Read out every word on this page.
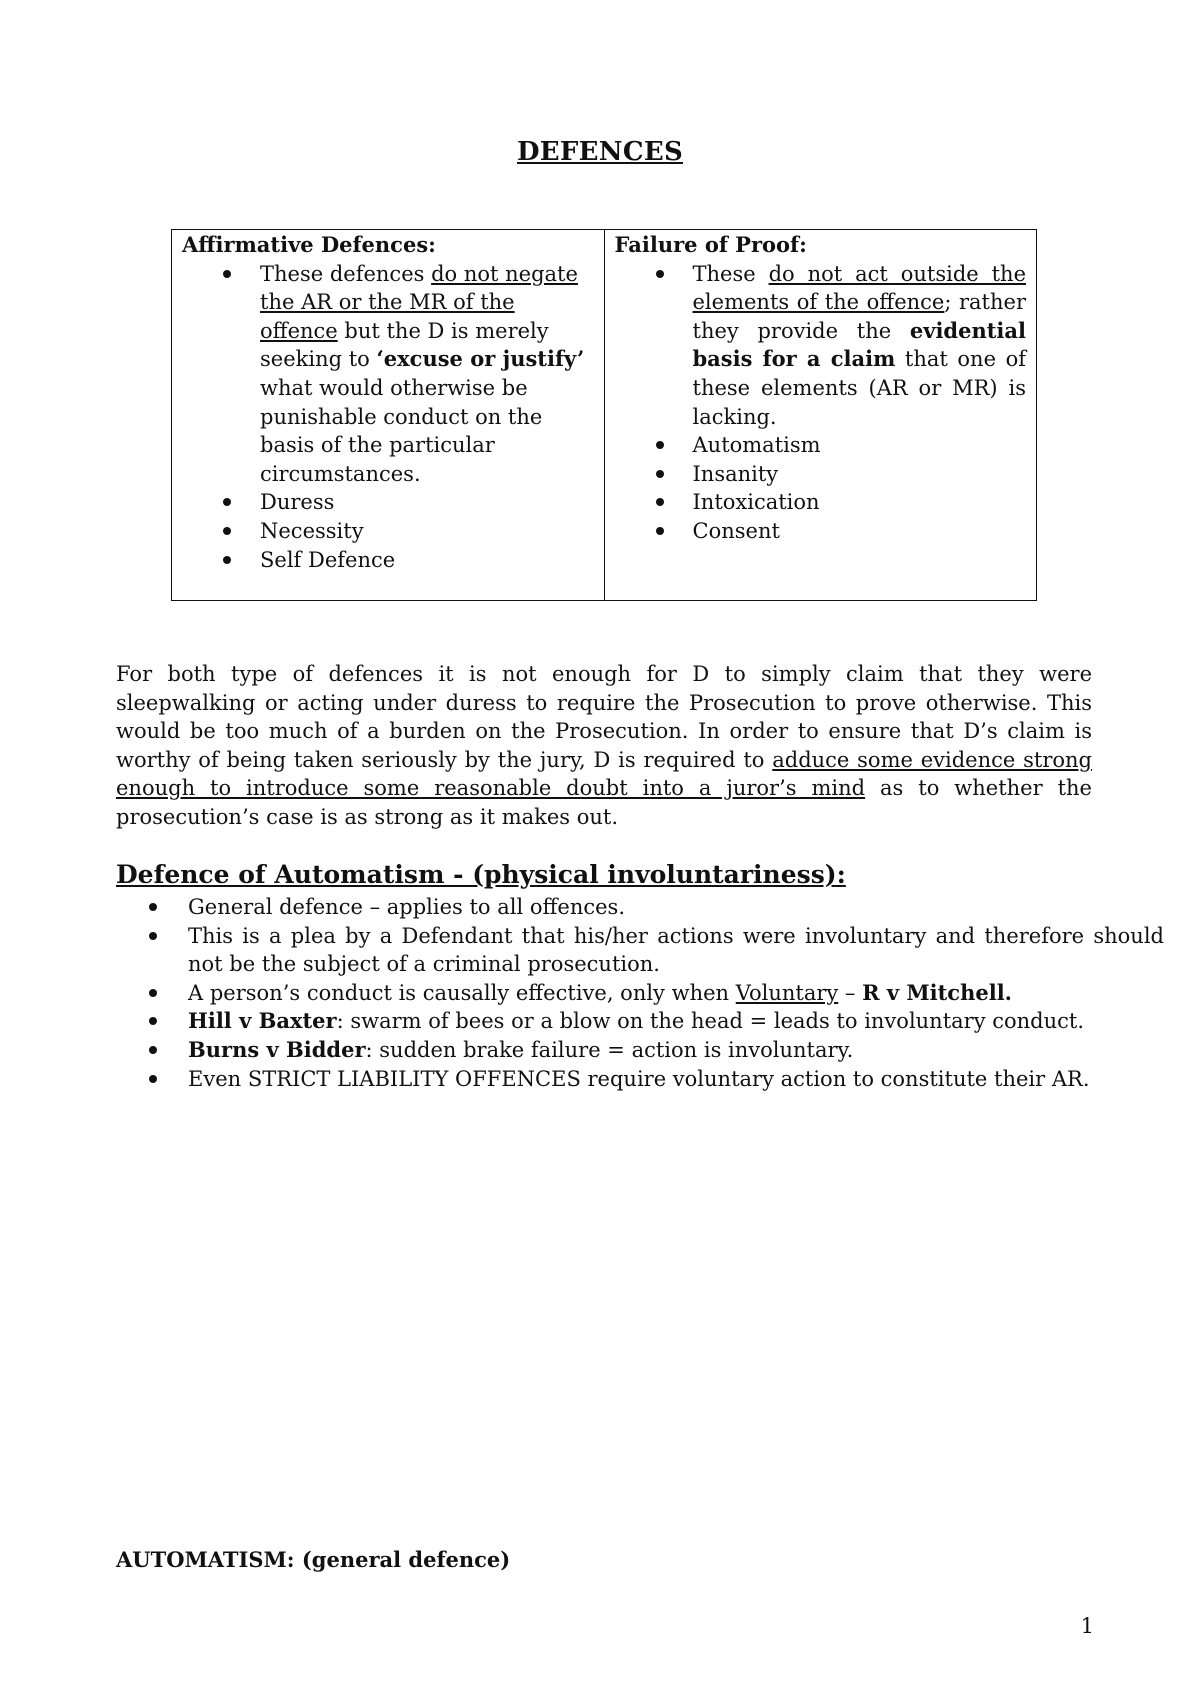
DEFENCES
Affirmative Defences:
These defences do not negate the AR or the MR of the offence but the D is merely seeking to ‘excuse or justify’ what would otherwise be punishable conduct on the basis of the particular circumstances.
Duress
Necessity
Self Defence

Failure of Proof:
These do not act outside the elements of the offence; rather they provide the evidential basis for a claim that one of these elements (AR or MR) is lacking.
Automatism
Insanity
Intoxication
Consent

For both type of defences it is not enough for D to simply claim that they were sleepwalking or acting under duress to require the Prosecution to prove otherwise. This would be too much of a burden on the Prosecution. In order to ensure that D’s claim is worthy of being taken seriously by the jury, D is required to adduce some evidence strong enough to introduce some reasonable doubt into a juror’s mind as to whether the prosecution’s case is as strong as it makes out.

Defence of Automatism - (physical involuntariness):
General defence – applies to all offences.
This is a plea by a Defendant that his/her actions were involuntary and therefore should not be the subject of a criminal prosecution.
A person’s conduct is causally effective, only when Voluntary – R v Mitchell.
Hill v Baxter: swarm of bees or a blow on the head = leads to involuntary conduct.
Burns v Bidder: sudden brake failure = action is involuntary.
Even STRICT LIABILITY OFFENCES require voluntary action to constitute their AR.
AUTOMATISM: (general defence)
1
